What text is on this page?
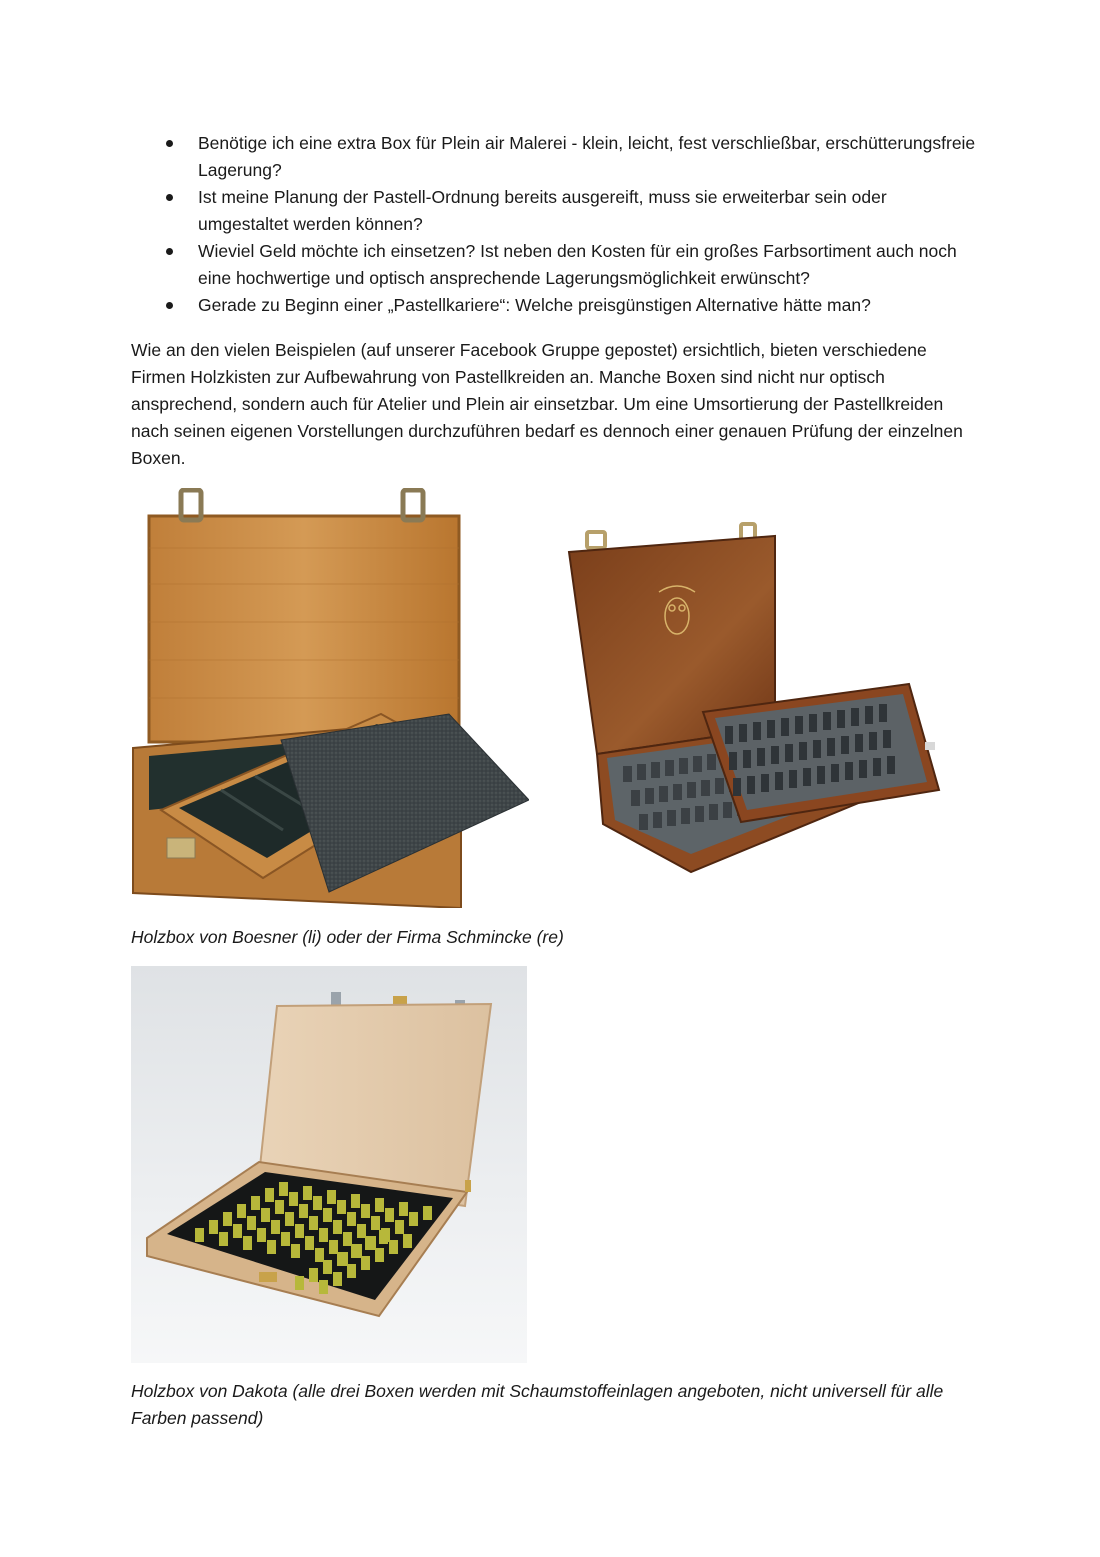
Benötige ich eine extra Box für Plein air Malerei - klein, leicht, fest verschließbar, erschütterungsfreie Lagerung?
Ist meine Planung der Pastell-Ordnung bereits ausgereift, muss sie erweiterbar sein oder umgestaltet werden können?
Wieviel Geld möchte ich einsetzen? Ist neben den Kosten für ein großes Farbsortiment auch noch eine hochwertige und optisch ansprechende Lagerungsmöglichkeit erwünscht?
Gerade zu Beginn einer „Pastellkariere“: Welche preisgünstigen Alternative hätte man?

Wie an den vielen Beispielen (auf unserer Facebook Gruppe gepostet) ersichtlich, bieten verschiedene Firmen Holzkisten zur Aufbewahrung von Pastellkreiden an. Manche Boxen sind nicht nur optisch ansprechend, sondern auch für Atelier und Plein air einsetzbar. Um eine Umsortierung der Pastellkreiden nach seinen eigenen Vorstellungen durchzuführen bedarf es dennoch einer genauen Prüfung der einzelnen Boxen.

Holzbox von Boesner (li) oder der Firma Schmincke (re)

Holzbox von Dakota (alle drei Boxen werden mit Schaumstoffeinlagen angeboten, nicht universell für alle Farben passend)
